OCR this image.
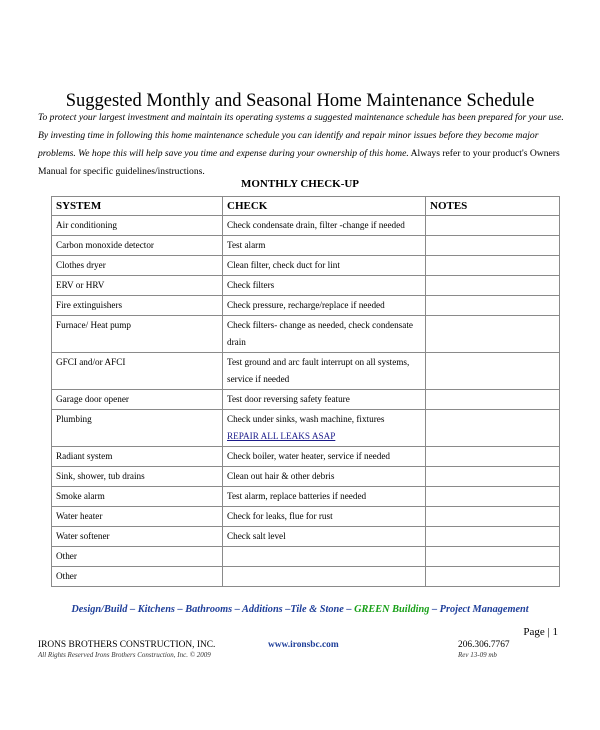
Suggested Monthly and Seasonal Home Maintenance Schedule
To protect your largest investment and maintain its operating systems a suggested maintenance schedule has been prepared for your use. By investing time in following this home maintenance schedule you can identify and repair minor issues before they become major problems. We hope this will help save you time and expense during your ownership of this home. Always refer to your product's Owners Manual for specific guidelines/instructions.
MONTHLY CHECK-UP
SYSTEM	CHECK	NOTES
Air conditioning	Check condensate drain, filter -change if needed	
Carbon monoxide detector	Test alarm	
Clothes dryer	Clean filter, check duct for lint	
ERV or HRV	Check filters	
Fire extinguishers	Check pressure, recharge/replace if needed	
Furnace/ Heat pump	Check filters- change as needed, check condensate drain	
GFCI and/or AFCI	Test ground and arc fault interrupt on all systems, service if needed	
Garage door opener	Test door reversing safety feature	
Plumbing	Check under sinks, wash machine, fixtures
REPAIR ALL LEAKS ASAP	

Radiant system	Check boiler, water heater, service if needed	
Sink, shower, tub drains	Clean out hair & other debris	
Smoke alarm	Test alarm, replace batteries if needed	
Water heater	Check for leaks, flue for rust	
Water softener	Check salt level	
Other		
Other		
Design/Build – Kitchens – Bathrooms – Additions –Tile & Stone – GREEN Building – Project Management
Page | 1
IRONS BROTHERS CONSTRUCTION, INC.
All Rights Reserved Irons Brothers Construction, Inc. © 2009
www.ironsbc.com	206.306.7767
Rev 13-09 mb
